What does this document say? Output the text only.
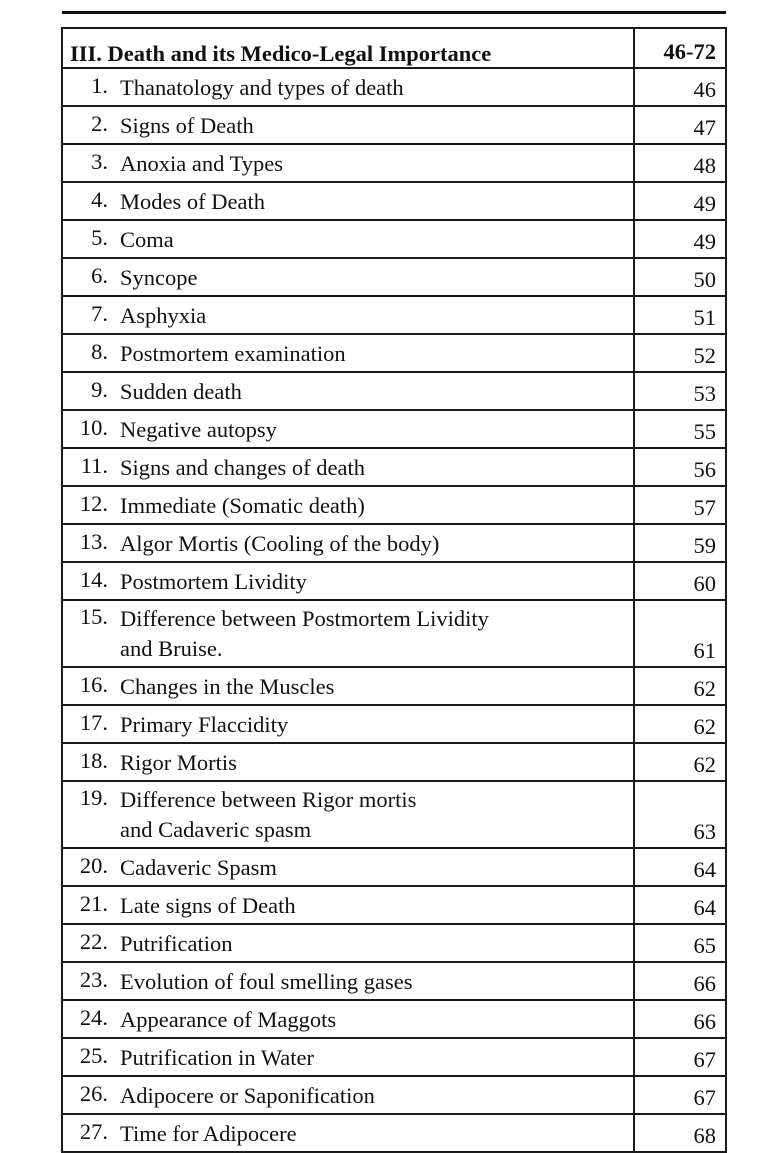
III. Death and its Medico-Legal Importance	46-72

1. Thanatology and types of death	46

2. Signs of Death	47

3. Anoxia and Types	48

4. Modes of Death	49

5. Coma	49

6. Syncope	50

7. Asphyxia	51

8. Postmortem examination	52

9. Sudden death	53

10. Negative autopsy	55

11. Signs and changes of death	56

12. Immediate (Somatic death)	57

13. Algor Mortis (Cooling of the body)	59

14. Postmortem Lividity	60

15. Difference between Postmortem Lividity
and Bruise.	61

16. Changes in the Muscles	62

17. Primary Flaccidity	62

18. Rigor Mortis	62

19. Difference between Rigor mortis
and Cadaveric spasm	63

20. Cadaveric Spasm	64

21. Late signs of Death	64

22. Putrification	65

23. Evolution of foul smelling gases	66

24. Appearance of Maggots	66

25. Putrification in Water	67

26. Adipocere or Saponification	67

27. Time for Adipocere	68
